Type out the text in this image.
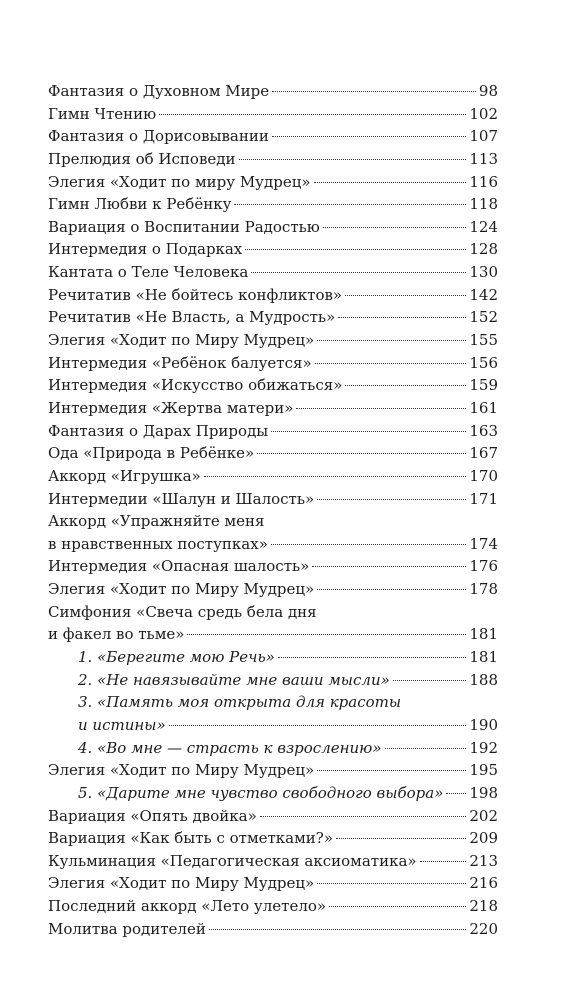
Фантазия о Духовном Мире	98
Гимн Чтению	102
Фантазия о Дорисовывании	107
Прелюдия об Исповеди	113
Элегия «Ходит по миру Мудрец»	116
Гимн Любви к Ребёнку	118
Вариация о Воспитании Радостью	124
Интермедия о Подарках	128
Кантата о Теле Человека	130
Речитатив «Не бойтесь конфликтов»	142
Речитатив «Не Власть, а Мудрость»	152
Элегия «Ходит по Миру Мудрец»	155
Интермедия «Ребёнок балуется»	156
Интермедия «Искусство обижаться»	159
Интермедия «Жертва матери»	161
Фантазия о Дарах Природы	163
Ода «Природа в Ребёнке»	167
Аккорд «Игрушка»	170
Интермедии «Шалун и Шалость»	171
Аккорд «Упражняйте меня
в нравственных поступках»	174
Интермедия «Опасная шалость»	176
Элегия «Ходит по Миру Мудрец»	178
Симфония «Свеча средь бела дня
и факел во тьме»	181
1. «Берегите мою Речь»	181
2. «Не навязывайте мне ваши мысли»	188
3. «Память моя открыта для красоты
и истины»	190
4. «Во мне — страсть к взрослению»	192
Элегия «Ходит по Миру Мудрец»	195
5. «Дарите мне чувство свободного выбора» 198
Вариация «Опять двойка»	202
Вариация «Как быть с отметками?»	209
Кульминация «Педагогическая аксиоматика»	213
Элегия «Ходит по Миру Мудрец»	216
Последний аккорд «Лето улетело»	218
Молитва родителей	220
